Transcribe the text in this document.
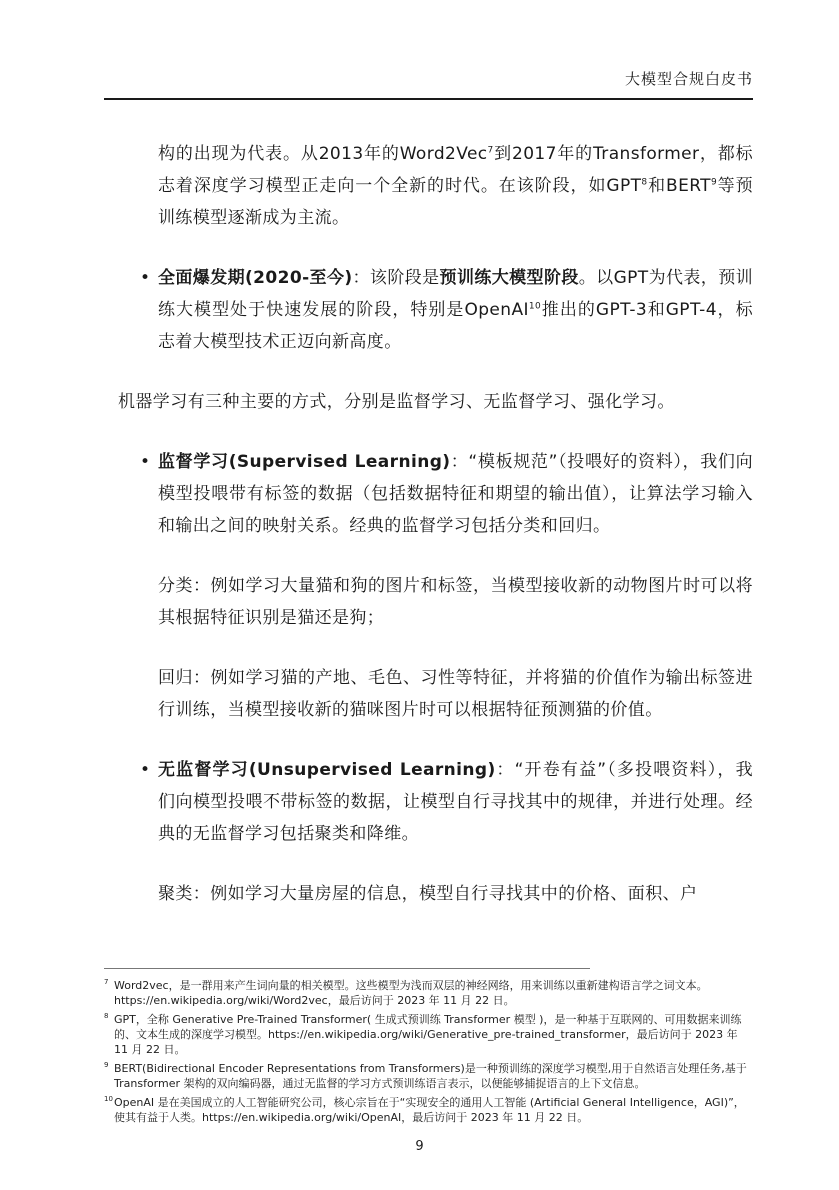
大模型合规白皮书

构的出现为代表。从2013年的Word2Vec$^7$到2017年的Transformer，都标志着深度学习模型正走向一个全新的时代。在该阶段，如GPT$^8$和BERT$^9$等预训练模型逐渐成为主流。

• 全面爆发期(2020-至今)：该阶段是预训练大模型阶段。以GPT为代表，预训练大模型处于快速发展的阶段，特别是OpenAI$^{10}$推出的GPT-3和GPT-4，标志着大模型技术正迈向新高度。

机器学习有三种主要的方式，分别是监督学习、无监督学习、强化学习。

• 监督学习(Supervised Learning)：“模板规范”（投喂好的资料），我们向模型投喂带有标签的数据（包括数据特征和期望的输出值），让算法学习输入和输出之间的映射关系。经典的监督学习包括分类和回归。

分类：例如学习大量猫和狗的图片和标签，当模型接收新的动物图片时可以将其根据特征识别是猫还是狗；

回归：例如学习猫的产地、毛色、习性等特征，并将猫的价值作为输出标签进行训练，当模型接收新的猫咪图片时可以根据特征预测猫的价值。

• 无监督学习(Unsupervised Learning)：“开卷有益”（多投喂资料），我们向模型投喂不带标签的数据，让模型自行寻找其中的规律，并进行处理。经典的无监督学习包括聚类和降维。

聚类：例如学习大量房屋的信息，模型自行寻找其中的价格、面积、户

7 Word2vec，是一群用来产生词向量的相关模型。这些模型为浅而双层的神经网络，用来训练以重新建构语言学之词文本。https://en.wikipedia.org/wiki/Word2vec，最后访问于 2023 年 11 月 22 日。
8 GPT，全称 Generative Pre-Trained Transformer( 生成式预训练 Transformer 模型 )，是一种基于互联网的、可用数据来训练的、文本生成的深度学习模型。https://en.wikipedia.org/wiki/Generative_pre-trained_transformer，最后访问于 2023 年 11 月 22 日。
9 BERT(Bidirectional Encoder Representations from Transformers)是一种预训练的深度学习模型,用于自然语言处理任务,基于 Transformer 架构的双向编码器，通过无监督的学习方式预训练语言表示，以便能够捕捉语言的上下文信息。
10 OpenAI 是在美国成立的人工智能研究公司，核心宗旨在于“实现安全的通用人工智能 (Artificial General Intelligence，AGI)”，使其有益于人类。https://en.wikipedia.org/wiki/OpenAI，最后访问于 2023 年 11 月 22 日。
9
